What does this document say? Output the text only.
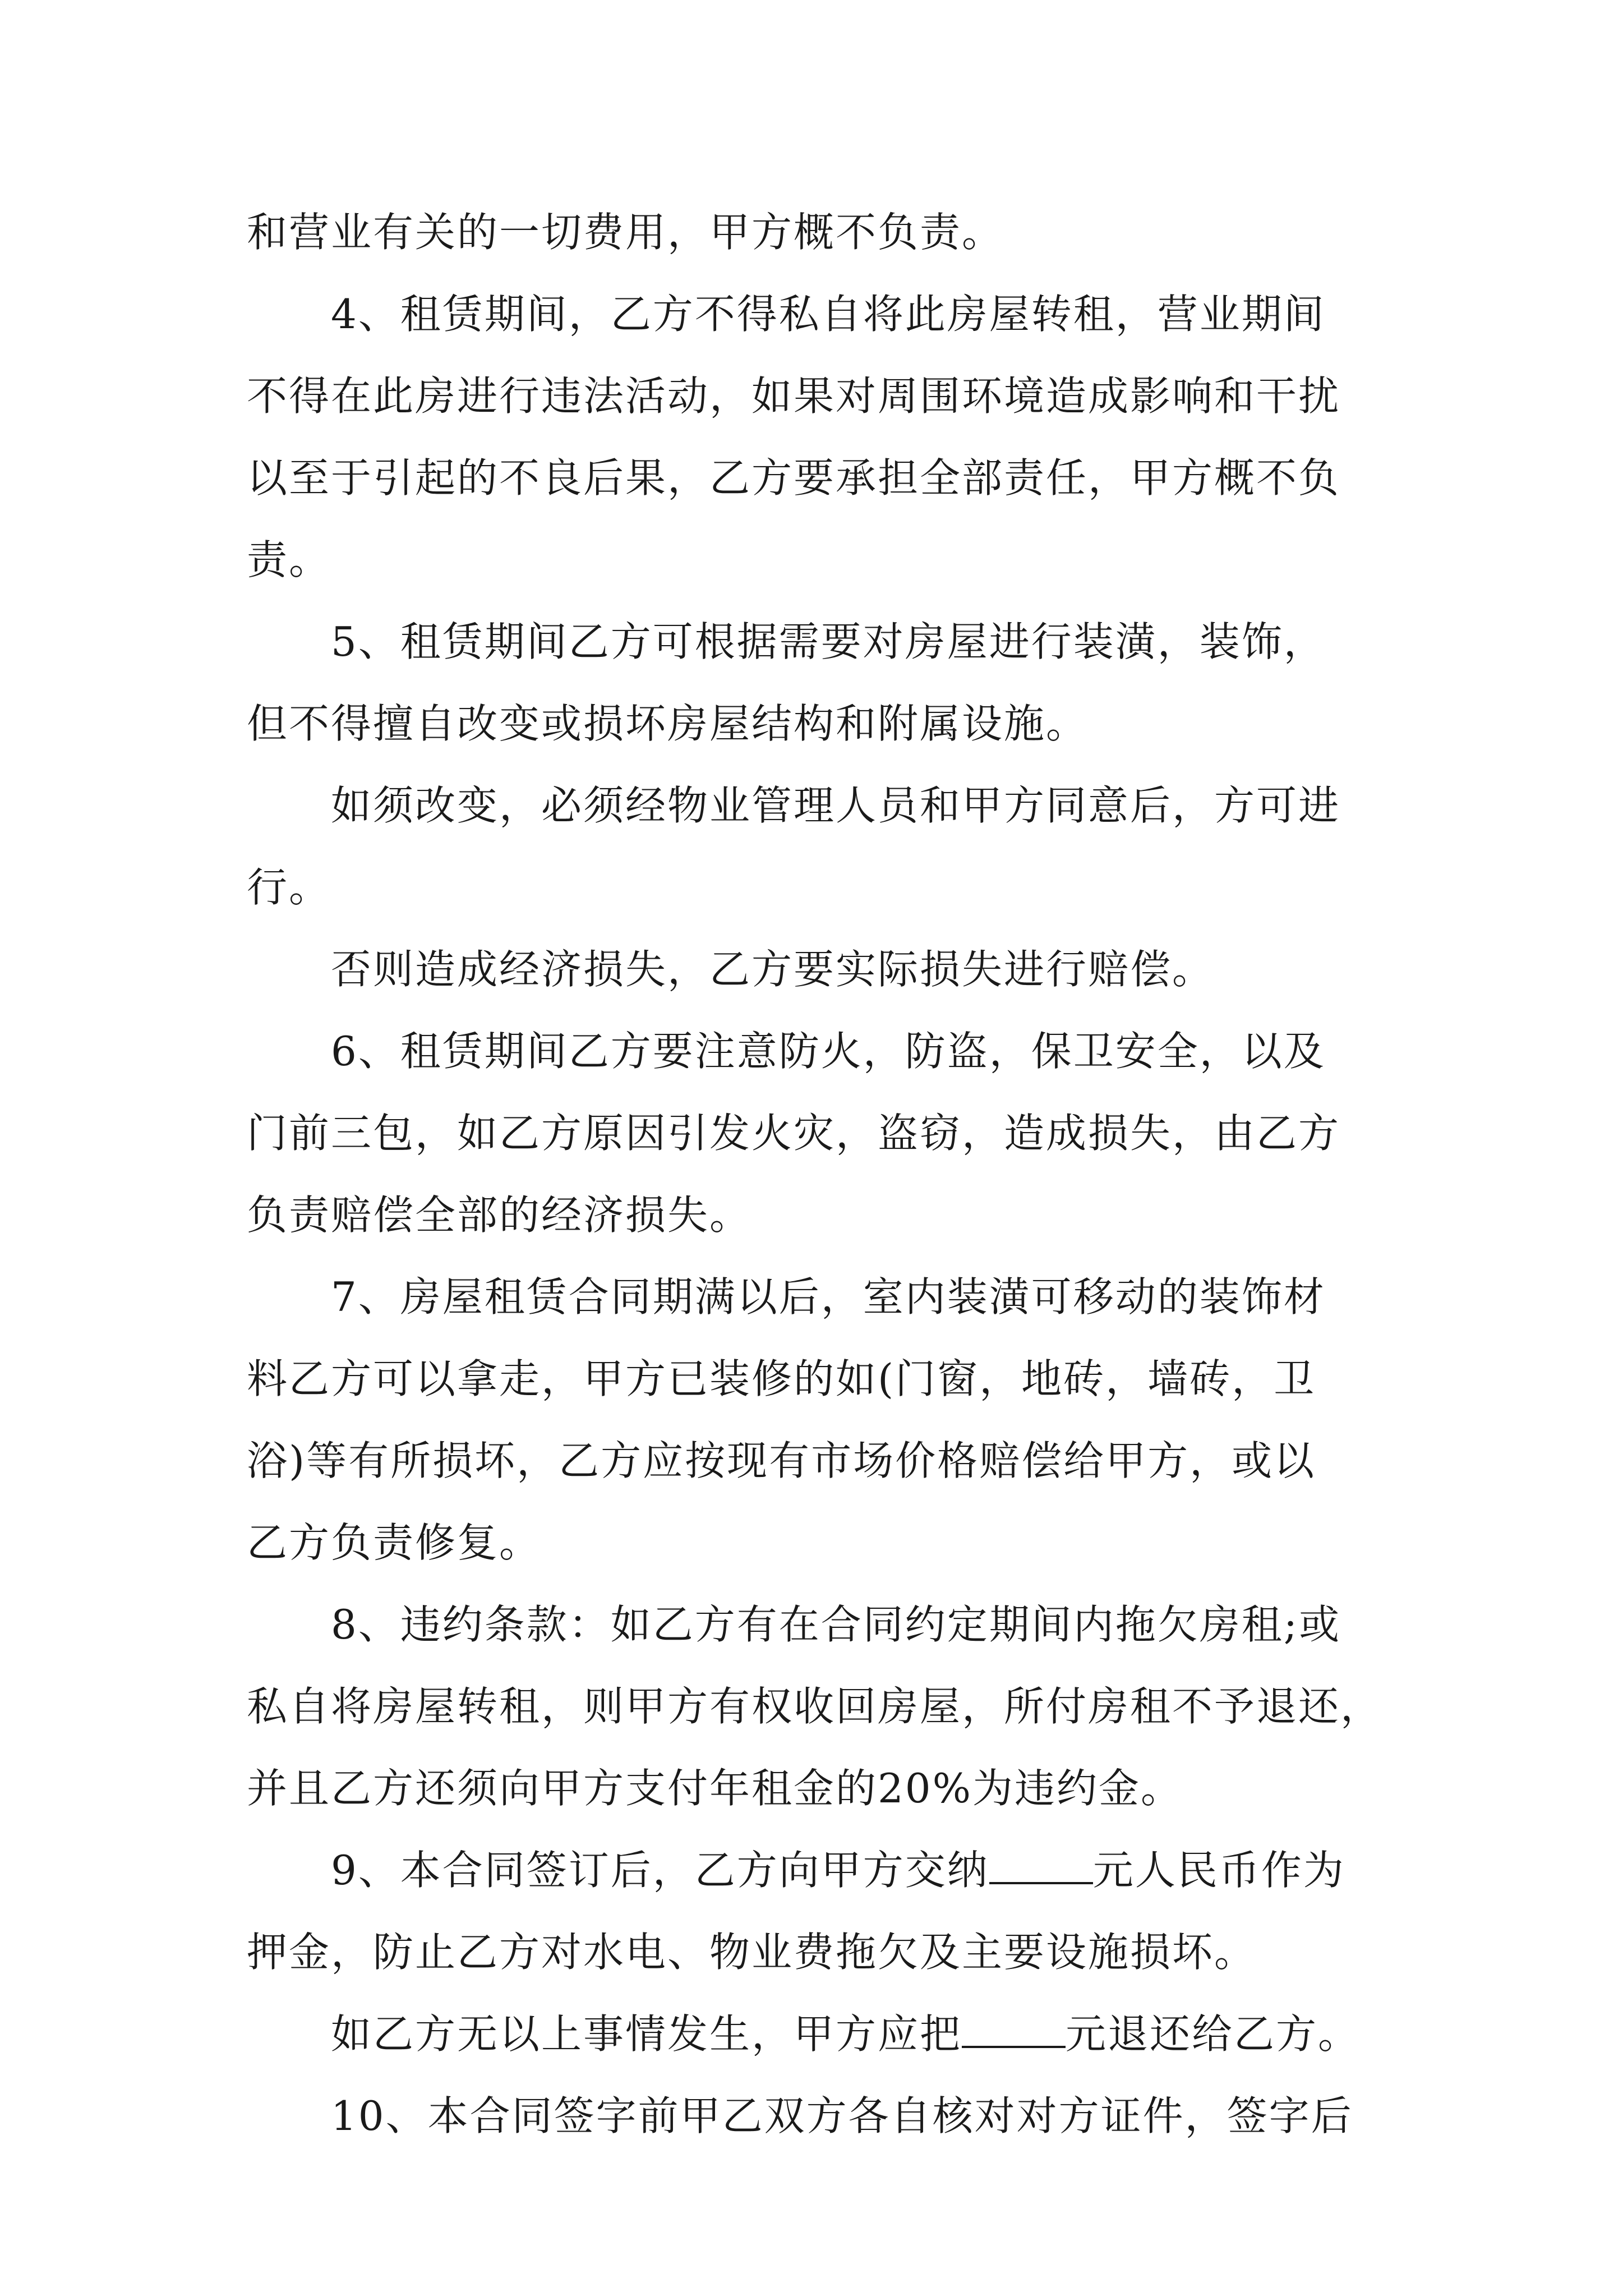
和营业有关的一切费用，甲方概不负责。
4、租赁期间，乙方不得私自将此房屋转租，营业期间
不得在此房进行违法活动，如果对周围环境造成影响和干扰
以至于引起的不良后果，乙方要承担全部责任，甲方概不负
责。
5、租赁期间乙方可根据需要对房屋进行装潢，装饰，
但不得擅自改变或损坏房屋结构和附属设施。
如须改变，必须经物业管理人员和甲方同意后，方可进
行。
否则造成经济损失，乙方要实际损失进行赔偿。
6、租赁期间乙方要注意防火，防盗，保卫安全，以及
门前三包，如乙方原因引发火灾，盗窃，造成损失，由乙方
负责赔偿全部的经济损失。
7、房屋租赁合同期满以后，室内装潢可移动的装饰材
料乙方可以拿走，甲方已装修的如(门窗，地砖，墙砖，卫
浴)等有所损坏，乙方应按现有市场价格赔偿给甲方，或以
乙方负责修复。
8、违约条款：如乙方有在合同约定期间内拖欠房租;或
私自将房屋转租，则甲方有权收回房屋，所付房租不予退还，
并且乙方还须向甲方支付年租金的20%为违约金。
9、本合同签订后，乙方向甲方交纳	元人民币作为
押金，防止乙方对水电、物业费拖欠及主要设施损坏。
如乙方无以上事情发生，甲方应把	元退还给乙方。
10、本合同签字前甲乙双方各自核对对方证件，签字后
